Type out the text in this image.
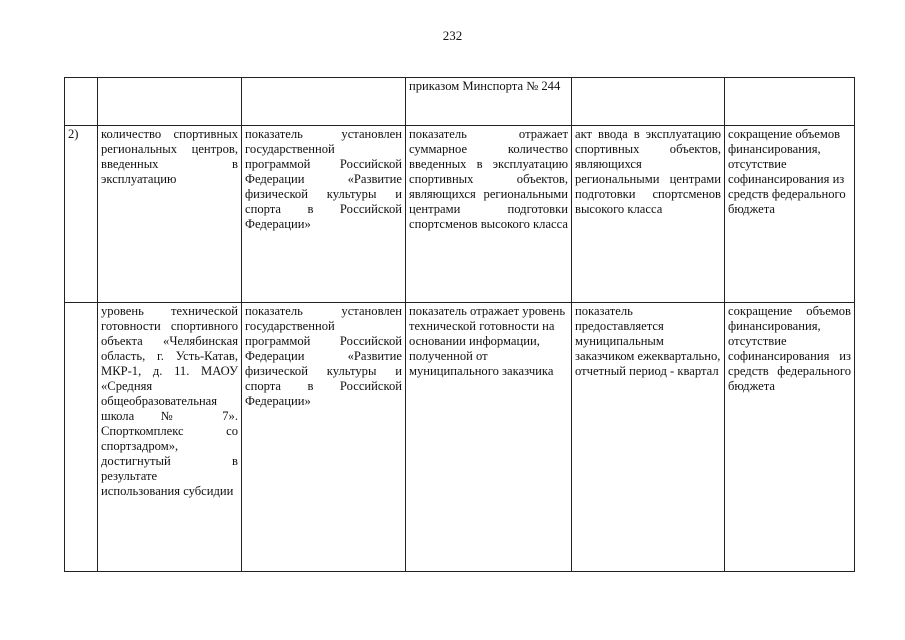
232

			приказом Минспорта № 244		

2)	количество спортивных региональных центров, введенных в эксплуатацию	показатель установлен государственной программой Российской Федерации «Развитие физической культуры и спорта в Российской Федерации»	показатель отражает суммарное количество введенных в эксплуатацию спортивных объектов, являющихся региональными центрами подготовки спортсменов высокого класса	акт ввода в эксплуатацию спортивных объектов, являющихся региональными центрами подготовки спортсменов высокого класса	сокращение объемов финансирования, отсутствие софинансирования из средств федерального бюджета

	уровень технической готовности спортивного объекта «Челябинская область, г. Усть-Катав, МКР-1, д. 11. МАОУ «Средняя общеобразовательная школа № 7». Спорткомплекс со спортзадром», достигнутый в результате использования субсидии	показатель установлен государственной программой Российской Федерации «Развитие физической культуры и спорта в Российской Федерации»	показатель отражает уровень технической готовности на основании информации, полученной от муниципального заказчика	показатель предоставляется муниципальным заказчиком ежеквартально, отчетный период - квартал	сокращение объемов финансирования, отсутствие софинансирования из средств федерального бюджета
